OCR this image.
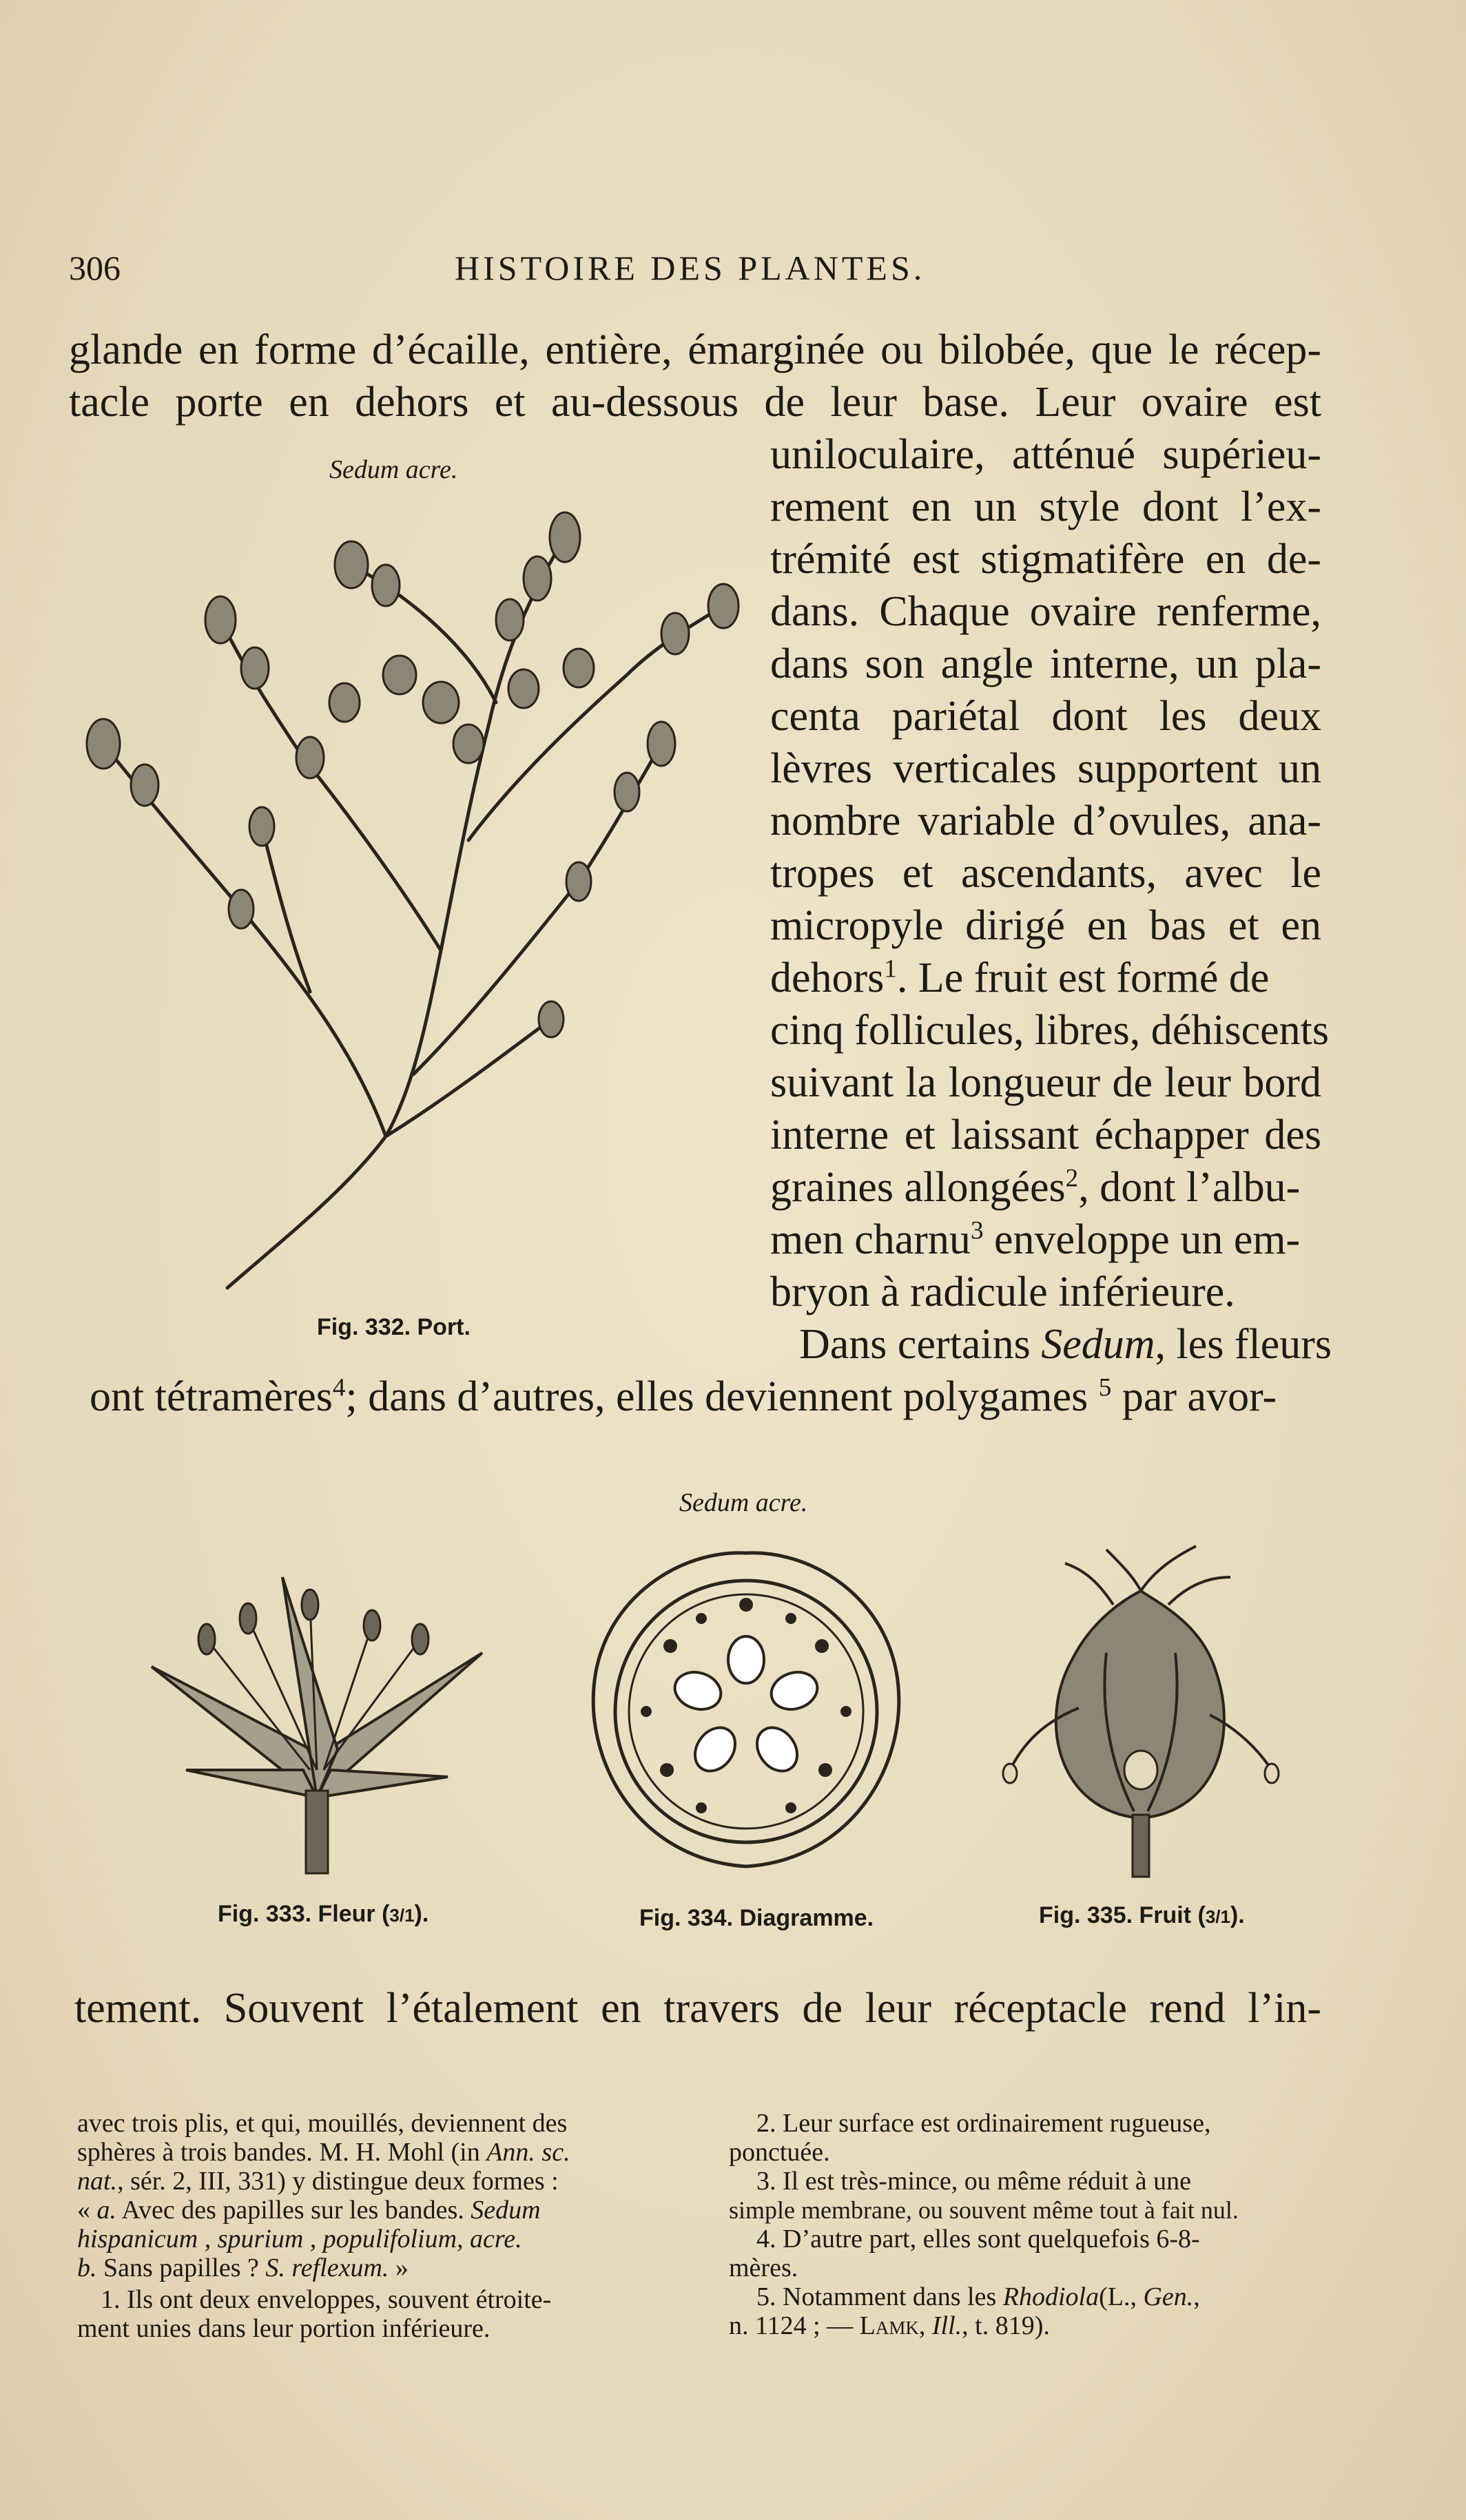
306	HISTOIRE DES PLANTES.
glande en forme d’écaille, entière, émarginée ou bilobée, que le récep-
tacle porte en dehors et au-dessous de leur base. Leur ovaire est
uniloculaire, atténué supérieu-
rement en un style dont l’ex-
trémité est stigmatifère en de-
dans. Chaque ovaire renferme,
dans son angle interne, un pla-
centa pariétal dont les deux
lèvres verticales supportent un
nombre variable d’ovules, ana-
tropes et ascendants, avec le
micropyle dirigé en bas et en
dehors$^1$. Le fruit est formé de
cinq follicules, libres, déhiscents
suivant la longueur de leur bord
interne et laissant échapper des
graines allongées$^2$, dont l’albu-
men charnu$^3$ enveloppe un em-
bryon à radicule inférieure.
Dans certains Sedum, les fleurs
ont tétramères$^4$; dans d’autres, elles deviennent polygames $^5$ par avor-
tement. Souvent l’étalement en travers de leur réceptacle rend l’in-
Sedum acre.
Fig. 332. Port.
Sedum acre.
Fig. 333. Fleur (3/1).	Fig. 334. Diagramme.	Fig. 335. Fruit (3/1).
avec trois plis, et qui, mouillés, deviennent des
sphères à trois bandes. M. H. Mohl (in Ann. sc.
nat., sér. 2, III, 331) y distingue deux formes :
« a. Avec des papilles sur les bandes. Sedum
hispanicum , spurium , populifolium, acre.
b. Sans papilles ? S. reflexum. »
1. Ils ont deux enveloppes, souvent étroite-
ment unies dans leur portion inférieure.
2. Leur surface est ordinairement rugueuse,
ponctuée.
3. Il est très-mince, ou même réduit à une
simple membrane, ou souvent même tout à fait nul.
4. D’autre part, elles sont quelquefois 6-8-
mères.
5. Notamment dans les Rhodiola(L., Gen.,
n. 1124 ; — Lamk, Ill., t. 819).
